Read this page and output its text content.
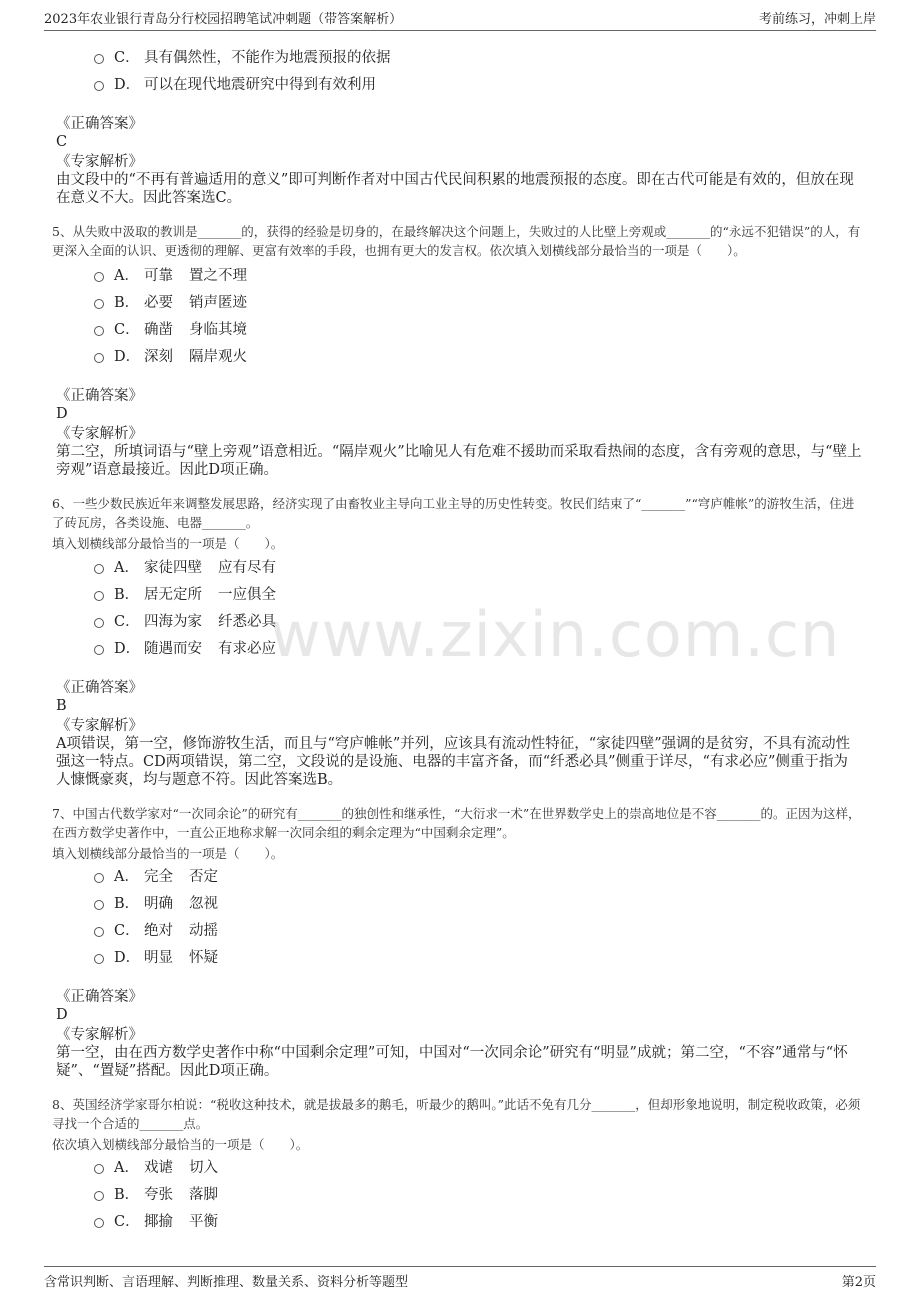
2023年农业银行青岛分行校园招聘笔试冲刺题（带答案解析）	考前练习，冲刺上岸
www.zixin.com.cn
C． 具有偶然性，不能作为地震预报的依据
D． 可以在现代地震研究中得到有效利用
《正确答案》
C
《专家解析》
由文段中的“不再有普遍适用的意义”即可判断作者对中国古代民间积累的地震预报的态度。即在古代可能是有效的，但放在现在意义不大。因此答案选C。
5、从失败中汲取的教训是_______的，获得的经验是切身的，在最终解决这个问题上，失败过的人比壁上旁观或_______的“永远不犯错误”的人，有更深入全面的认识、更透彻的理解、更富有效率的手段，也拥有更大的发言权。依次填入划横线部分最恰当的一项是（　　）。
A． 可靠 置之不理
B． 必要 销声匿迹
C． 确凿 身临其境
D． 深刻 隔岸观火
《正确答案》
D
《专家解析》
第二空，所填词语与“壁上旁观”语意相近。“隔岸观火”比喻见人有危难不援助而采取看热闹的态度，含有旁观的意思，与“壁上旁观”语意最接近。因此D项正确。
6、一些少数民族近年来调整发展思路，经济实现了由畜牧业主导向工业主导的历史性转变。牧民们结束了“_______”“穹庐帷帐”的游牧生活，住进了砖瓦房，各类设施、电器_______。
填入划横线部分最恰当的一项是（　　）。
A． 家徒四壁 应有尽有
B． 居无定所 一应俱全
C． 四海为家 纤悉必具
D． 随遇而安 有求必应
《正确答案》
B
《专家解析》
A项错误，第一空，修饰游牧生活，而且与“穹庐帷帐”并列，应该具有流动性特征，“家徒四壁”强调的是贫穷，不具有流动性强这一特点。CD两项错误，第二空，文段说的是设施、电器的丰富齐备，而“纤悉必具”侧重于详尽，“有求必应”侧重于指为人慷慨豪爽，均与题意不符。因此答案选B。
7、中国古代数学家对“一次同余论”的研究有_______的独创性和继承性，“大衍求一术”在世界数学史上的崇高地位是不容_______的。正因为这样，在西方数学史著作中，一直公正地称求解一次同余组的剩余定理为“中国剩余定理”。
填入划横线部分最恰当的一项是（　　）。
A． 完全 否定
B． 明确 忽视
C． 绝对 动摇
D． 明显 怀疑
《正确答案》
D
《专家解析》
第一空，由在西方数学史著作中称“中国剩余定理”可知，中国对“一次同余论”研究有“明显”成就；第二空，“不容”通常与“怀疑”、“置疑”搭配。因此D项正确。
8、英国经济学家哥尔柏说：“税收这种技术，就是拔最多的鹅毛，听最少的鹅叫。”此话不免有几分_______，但却形象地说明，制定税收政策，必须寻找一个合适的_______点。
依次填入划横线部分最恰当的一项是（　　）。
A． 戏谑 切入
B． 夸张 落脚
C． 揶揄 平衡
含常识判断、言语理解、判断推理、数量关系、资料分析等题型	第2页
